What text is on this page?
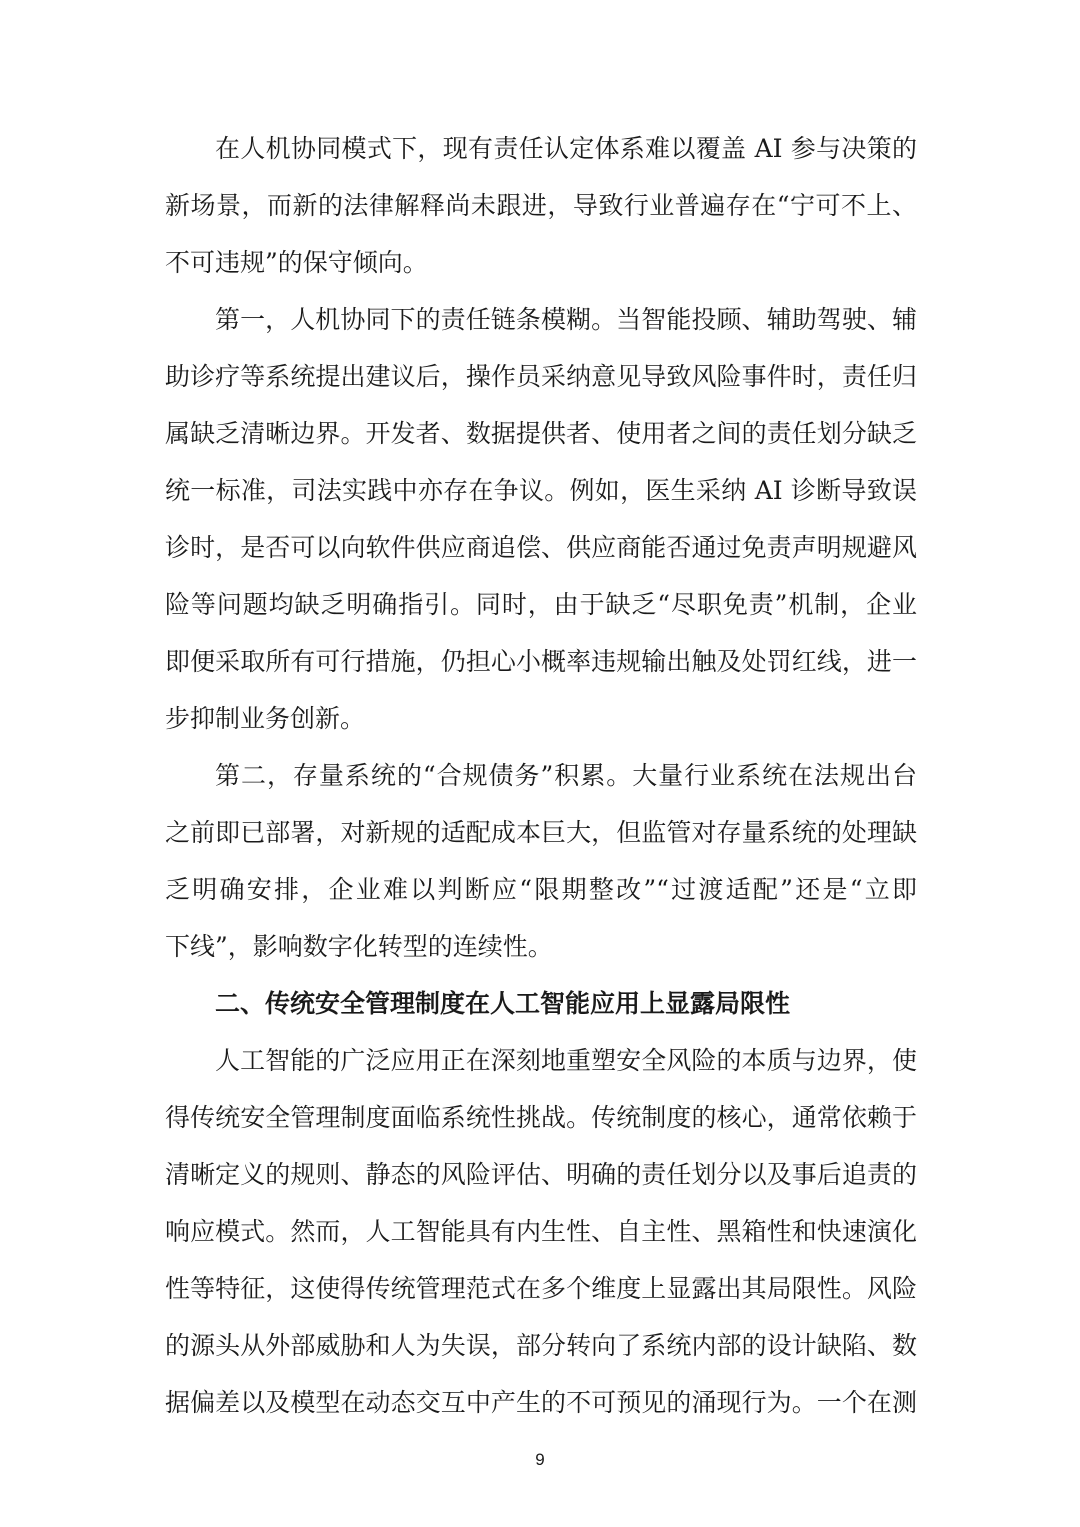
在人机协同模式下，现有责任认定体系难以覆盖 AI 参与决策的
新场景，而新的法律解释尚未跟进，导致行业普遍存在“宁可不上、
不可违规”的保守倾向。
第一，人机协同下的责任链条模糊。当智能投顾、辅助驾驶、辅
助诊疗等系统提出建议后，操作员采纳意见导致风险事件时，责任归
属缺乏清晰边界。开发者、数据提供者、使用者之间的责任划分缺乏
统一标准，司法实践中亦存在争议。例如，医生采纳 AI 诊断导致误
诊时，是否可以向软件供应商追偿、供应商能否通过免责声明规避风
险等问题均缺乏明确指引。同时，由于缺乏“尽职免责”机制，企业
即便采取所有可行措施，仍担心小概率违规输出触及处罚红线，进一
步抑制业务创新。
第二，存量系统的“合规债务”积累。大量行业系统在法规出台
之前即已部署，对新规的适配成本巨大，但监管对存量系统的处理缺
乏明确安排，企业难以判断应“限期整改”“过渡适配”还是“立即
下线”，影响数字化转型的连续性。
二、传统安全管理制度在人工智能应用上显露局限性
人工智能的广泛应用正在深刻地重塑安全风险的本质与边界，使
得传统安全管理制度面临系统性挑战。传统制度的核心，通常依赖于
清晰定义的规则、静态的风险评估、明确的责任划分以及事后追责的
响应模式。然而，人工智能具有内生性、自主性、黑箱性和快速演化
性等特征，这使得传统管理范式在多个维度上显露出其局限性。风险
的源头从外部威胁和人为失误，部分转向了系统内部的设计缺陷、数
据偏差以及模型在动态交互中产生的不可预见的涌现行为。一个在测
9
